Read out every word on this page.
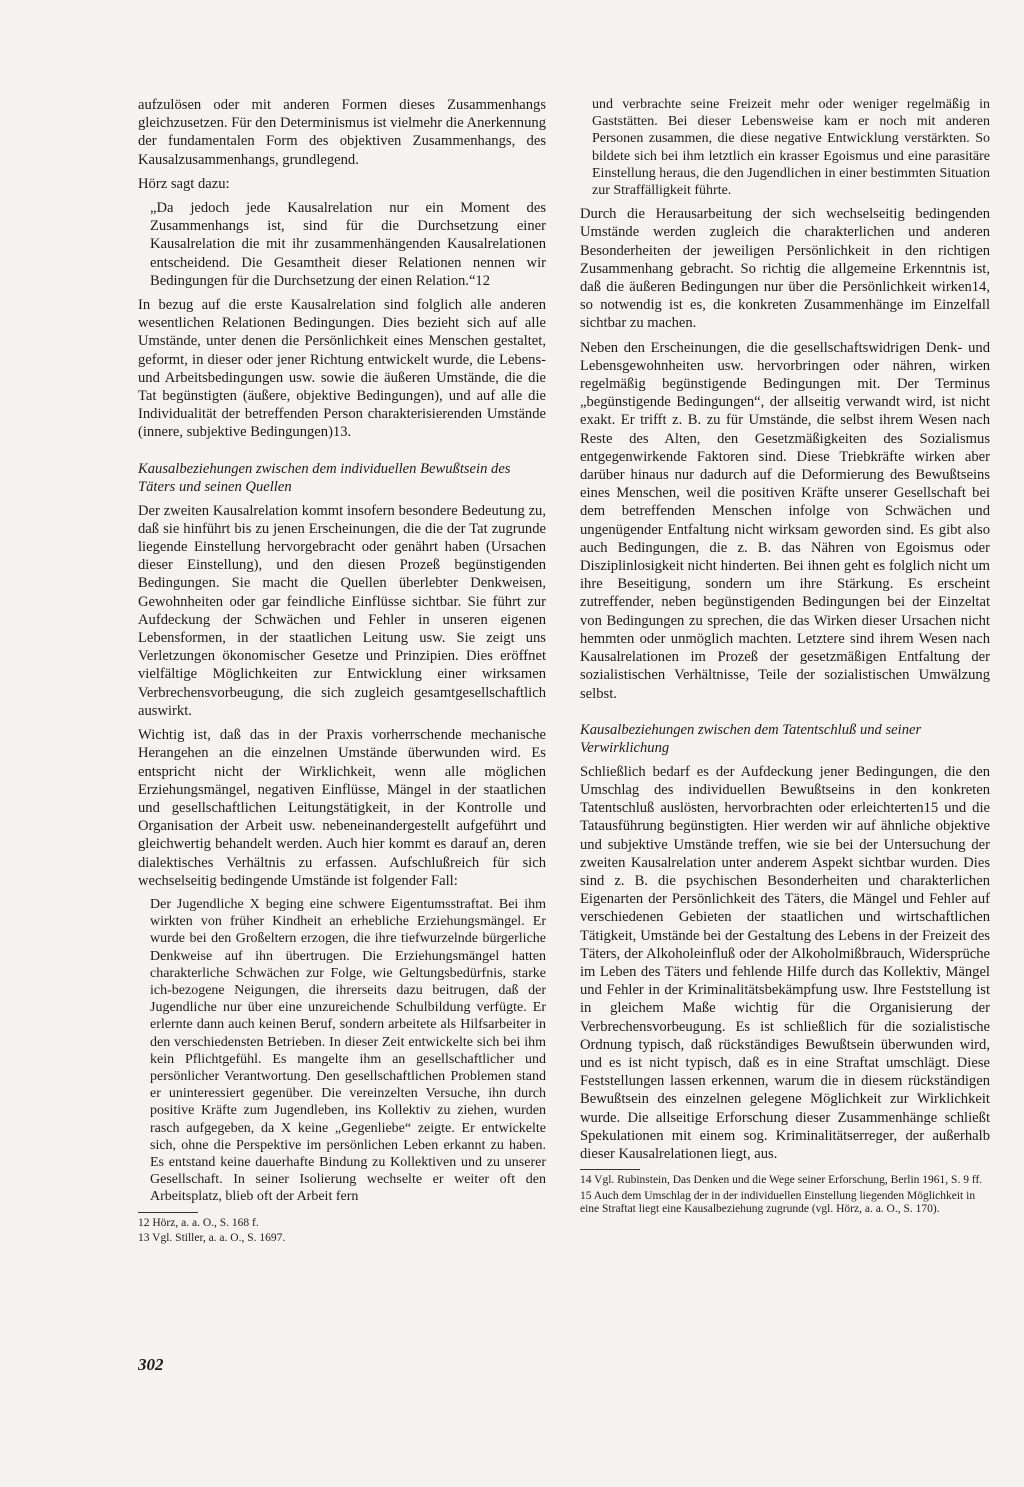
aufzulösen oder mit anderen Formen dieses Zusammenhangs gleichzusetzen. Für den Determinismus ist vielmehr die Anerkennung der fundamentalen Form des objektiven Zusammenhangs, des Kausalzusammenhangs, grundlegend.

Hörz sagt dazu:

„Da jedoch jede Kausalrelation nur ein Moment des Zusammenhangs ist, sind für die Durchsetzung einer Kausalrelation die mit ihr zusammenhängenden Kausalrelationen entscheidend. Die Gesamtheit dieser Relationen nennen wir Bedingungen für die Durchsetzung der einen Relation.“12

In bezug auf die erste Kausalrelation sind folglich alle anderen wesentlichen Relationen Bedingungen. Dies bezieht sich auf alle Umstände, unter denen die Persönlichkeit eines Menschen gestaltet, geformt, in dieser oder jener Richtung entwickelt wurde, die Lebens- und Arbeitsbedingungen usw. sowie die äußeren Umstände, die die Tat begünstigten (äußere, objektive Bedingungen), und auf alle die Individualität der betreffenden Person charakterisierenden Umstände (innere, subjektive Bedingungen)13.

Kausalbeziehungen zwischen dem individuellen Bewußtsein des Täters und seinen Quellen

Der zweiten Kausalrelation kommt insofern besondere Bedeutung zu, daß sie hinführt bis zu jenen Erscheinungen, die die der Tat zugrunde liegende Einstellung hervorgebracht oder genährt haben (Ursachen dieser Einstellung), und den diesen Prozeß begünstigenden Bedingungen. Sie macht die Quellen überlebter Denkweisen, Gewohnheiten oder gar feindliche Einflüsse sichtbar. Sie führt zur Aufdeckung der Schwächen und Fehler in unseren eigenen Lebensformen, in der staatlichen Leitung usw. Sie zeigt uns Verletzungen ökonomischer Gesetze und Prinzipien. Dies eröffnet vielfältige Möglichkeiten zur Entwicklung einer wirksamen Verbrechensvorbeugung, die sich zugleich gesamtgesellschaftlich auswirkt.

Wichtig ist, daß das in der Praxis vorherrschende mechanische Herangehen an die einzelnen Umstände überwunden wird. Es entspricht nicht der Wirklichkeit, wenn alle möglichen Erziehungsmängel, negativen Einflüsse, Mängel in der staatlichen und gesellschaftlichen Leitungstätigkeit, in der Kontrolle und Organisation der Arbeit usw. nebeneinandergestellt aufgeführt und gleichwertig behandelt werden. Auch hier kommt es darauf an, deren dialektisches Verhältnis zu erfassen. Aufschlußreich für sich wechselseitig bedingende Umstände ist folgender Fall:

Der Jugendliche X beging eine schwere Eigentumsstraftat. Bei ihm wirkten von früher Kindheit an erhebliche Erziehungsmängel. Er wurde bei den Großeltern erzogen, die ihre tiefwurzelnde bürgerliche Denkweise auf ihn übertrugen. Die Erziehungsmängel hatten charakterliche Schwächen zur Folge, wie Geltungsbedürfnis, starke ich-bezogene Neigungen, die ihrerseits dazu beitrugen, daß der Jugendliche nur über eine unzureichende Schulbildung verfügte. Er erlernte dann auch keinen Beruf, sondern arbeitete als Hilfsarbeiter in den verschiedensten Betrieben. In dieser Zeit entwickelte sich bei ihm kein Pflichtgefühl. Es mangelte ihm an gesellschaftlicher und persönlicher Verantwortung. Den gesellschaftlichen Problemen stand er uninteressiert gegenüber. Die vereinzelten Versuche, ihn durch positive Kräfte zum Jugendleben, ins Kollektiv zu ziehen, wurden rasch aufgegeben, da X keine „Gegenliebe“ zeigte. Er entwickelte sich, ohne die Perspektive im persönlichen Leben erkannt zu haben. Es entstand keine dauerhafte Bindung zu Kollektiven und zu unserer Gesellschaft. In seiner Isolierung wechselte er weiter oft den Arbeitsplatz, blieb oft der Arbeit fern

12 Hörz, a. a. O., S. 168 f.

13 Vgl. Stiller, a. a. O., S. 1697.

und verbrachte seine Freizeit mehr oder weniger regelmäßig in Gaststätten. Bei dieser Lebensweise kam er noch mit anderen Personen zusammen, die diese negative Entwicklung verstärkten. So bildete sich bei ihm letztlich ein krasser Egoismus und eine parasitäre Einstellung heraus, die den Jugendlichen in einer bestimmten Situation zur Straffälligkeit führte.

Durch die Herausarbeitung der sich wechselseitig bedingenden Umstände werden zugleich die charakterlichen und anderen Besonderheiten der jeweiligen Persönlichkeit in den richtigen Zusammenhang gebracht. So richtig die allgemeine Erkenntnis ist, daß die äußeren Bedingungen nur über die Persönlichkeit wirken14, so notwendig ist es, die konkreten Zusammenhänge im Einzelfall sichtbar zu machen.

Neben den Erscheinungen, die die gesellschaftswidrigen Denk- und Lebensgewohnheiten usw. hervorbringen oder nähren, wirken regelmäßig begünstigende Bedingungen mit. Der Terminus „begünstigende Bedingungen“, der allseitig verwandt wird, ist nicht exakt. Er trifft z. B. zu für Umstände, die selbst ihrem Wesen nach Reste des Alten, den Gesetzmäßigkeiten des Sozialismus entgegenwirkende Faktoren sind. Diese Triebkräfte wirken aber darüber hinaus nur dadurch auf die Deformierung des Bewußtseins eines Menschen, weil die positiven Kräfte unserer Gesellschaft bei dem betreffenden Menschen infolge von Schwächen und ungenügender Entfaltung nicht wirksam geworden sind. Es gibt also auch Bedingungen, die z. B. das Nähren von Egoismus oder Disziplinlosigkeit nicht hinderten. Bei ihnen geht es folglich nicht um ihre Beseitigung, sondern um ihre Stärkung. Es erscheint zutreffender, neben begünstigenden Bedingungen bei der Einzeltat von Bedingungen zu sprechen, die das Wirken dieser Ursachen nicht hemmten oder unmöglich machten. Letztere sind ihrem Wesen nach Kausalrelationen im Prozeß der gesetzmäßigen Entfaltung der sozialistischen Verhältnisse, Teile der sozialistischen Umwälzung selbst.

Kausalbeziehungen zwischen dem Tatentschluß und seiner Verwirklichung

Schließlich bedarf es der Aufdeckung jener Bedingungen, die den Umschlag des individuellen Bewußtseins in den konkreten Tatentschluß auslösten, hervorbrachten oder erleichterten15 und die Tatausführung begünstigten. Hier werden wir auf ähnliche objektive und subjektive Umstände treffen, wie sie bei der Untersuchung der zweiten Kausalrelation unter anderem Aspekt sichtbar wurden. Dies sind z. B. die psychischen Besonderheiten und charakterlichen Eigenarten der Persönlichkeit des Täters, die Mängel und Fehler auf verschiedenen Gebieten der staatlichen und wirtschaftlichen Tätigkeit, Umstände bei der Gestaltung des Lebens in der Freizeit des Täters, der Alkoholeinfluß oder der Alkoholmißbrauch, Widersprüche im Leben des Täters und fehlende Hilfe durch das Kollektiv, Mängel und Fehler in der Kriminalitätsbekämpfung usw. Ihre Feststellung ist in gleichem Maße wichtig für die Organisierung der Verbrechensvorbeugung. Es ist schließlich für die sozialistische Ordnung typisch, daß rückständiges Bewußtsein überwunden wird, und es ist nicht typisch, daß es in eine Straftat umschlägt. Diese Feststellungen lassen erkennen, warum die in diesem rückständigen Bewußtsein des einzelnen gelegene Möglichkeit zur Wirklichkeit wurde. Die allseitige Erforschung dieser Zusammenhänge schließt Spekulationen mit einem sog. Kriminalitätserreger, der außerhalb dieser Kausalrelationen liegt, aus.

14 Vgl. Rubinstein, Das Denken und die Wege seiner Erforschung, Berlin 1961, S. 9 ff.

15 Auch dem Umschlag der in der individuellen Einstellung liegenden Möglichkeit in eine Straftat liegt eine Kausalbeziehung zugrunde (vgl. Hörz, a. a. O., S. 170).

302
